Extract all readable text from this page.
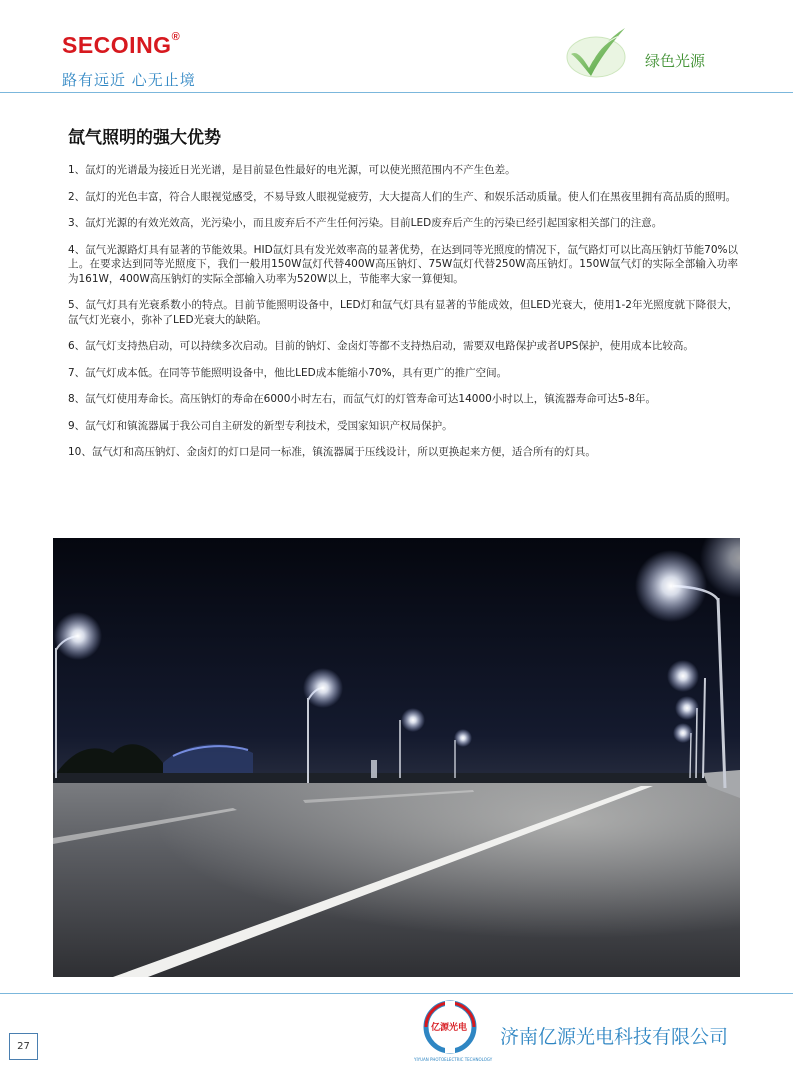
SECOING®
路有远近 心无止境
绿色光源
氙气照明的强大优势

1、氙灯的光谱最为接近日光光谱，是目前显色性最好的电光源，可以使光照范围内不产生色差。

2、氙灯的光色丰富，符合人眼视觉感受，不易导致人眼视觉疲劳，大大提高人们的生产、和娱乐活动质量。使人们在黑夜里拥有高品质的照明。

3、氙灯光源的有效光效高，光污染小，而且废弃后不产生任何污染。目前LED废弃后产生的污染已经引起国家相关部门的注意。

4、氙气光源路灯具有显著的节能效果。HID氙灯具有发光效率高的显著优势，在达到同等光照度的情况下，氙气路灯可以比高压钠灯节能70%以上。在要求达到同等光照度下，我们一般用150W氙灯代替400W高压钠灯、75W氙灯代替250W高压钠灯。150W氙气灯的实际全部输入功率为161W，400W高压钠灯的实际全部输入功率为520W以上，节能率大家一算便知。

5、氙气灯具有光衰系数小的特点。目前节能照明设备中，LED灯和氙气灯具有显著的节能成效，但LED光衰大，使用1-2年光照度就下降很大，氙气灯光衰小，弥补了LED光衰大的缺陷。

6、氙气灯支持热启动，可以持续多次启动。目前的钠灯、金卤灯等都不支持热启动，需要双电路保护或者UPS保护，使用成本比较高。

7、氙气灯成本低。在同等节能照明设备中，他比LED成本能缩小70%，具有更广的推广空间。

8、氙气灯使用寿命长。高压钠灯的寿命在6000小时左右，而氙气灯的灯管寿命可达14000小时以上，镇流器寿命可达5-8年。

9、氙气灯和镇流器属于我公司自主研发的新型专利技术，受国家知识产权局保护。

10、氙气灯和高压钠灯、金卤灯的灯口是同一标准，镇流器属于压线设计，所以更换起来方便，适合所有的灯具。

27
亿源光电
YIYUAN PHOTOELECTRIC TECHNOLOGY
济南亿源光电科技有限公司
